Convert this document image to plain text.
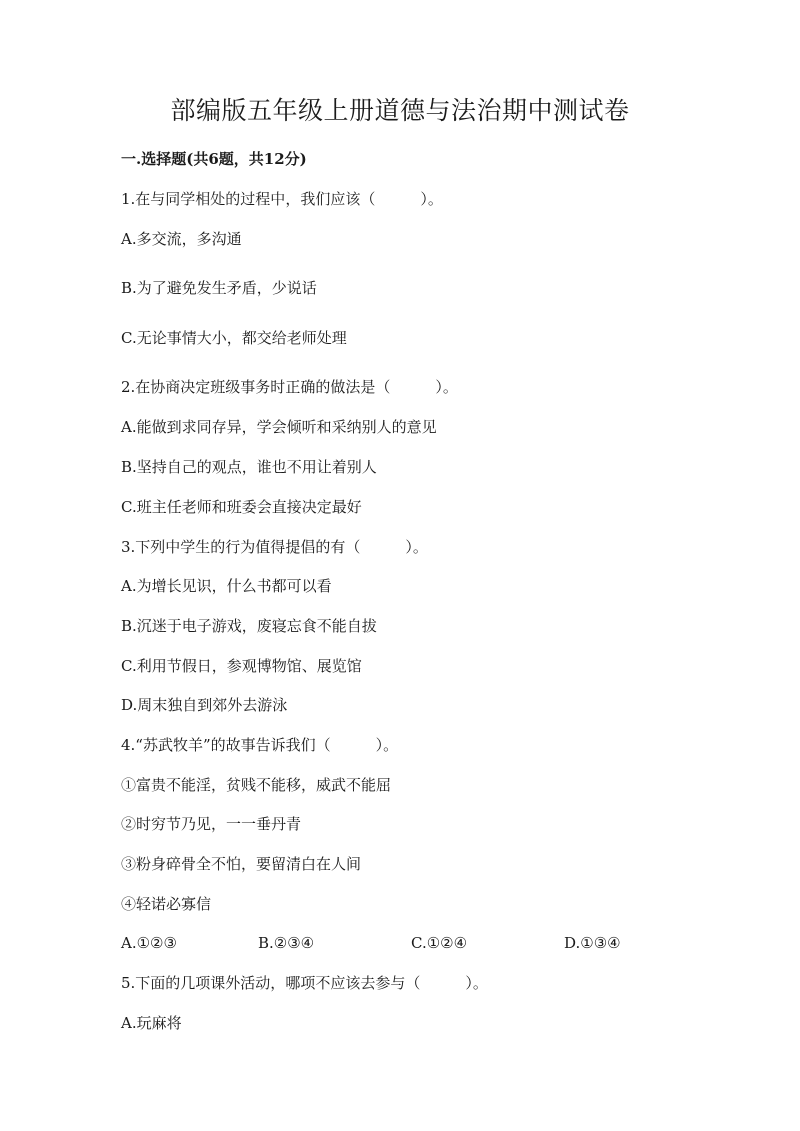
部编版五年级上册道德与法治期中测试卷
一.选择题(共6题，共12分)
1.在与同学相处的过程中，我们应该（　　　）。
A.多交流，多沟通
B.为了避免发生矛盾，少说话
C.无论事情大小，都交给老师处理
2.在协商决定班级事务时正确的做法是（　　　）。
A.能做到求同存异，学会倾听和采纳别人的意见
B.坚持自己的观点，谁也不用让着别人
C.班主任老师和班委会直接决定最好
3.下列中学生的行为值得提倡的有（　　　）。
A.为增长见识，什么书都可以看
B.沉迷于电子游戏，废寝忘食不能自拔
C.利用节假日，参观博物馆、展览馆
D.周末独自到郊外去游泳
4.“苏武牧羊”的故事告诉我们（　　　）。
①富贵不能淫，贫贱不能移，威武不能屈
②时穷节乃见，一一垂丹青
③粉身碎骨全不怕，要留清白在人间
④轻诺必寡信
A.①②③	B.②③④	C.①②④	D.①③④
5.下面的几项课外活动，哪项不应该去参与（　　　）。
A.玩麻将
